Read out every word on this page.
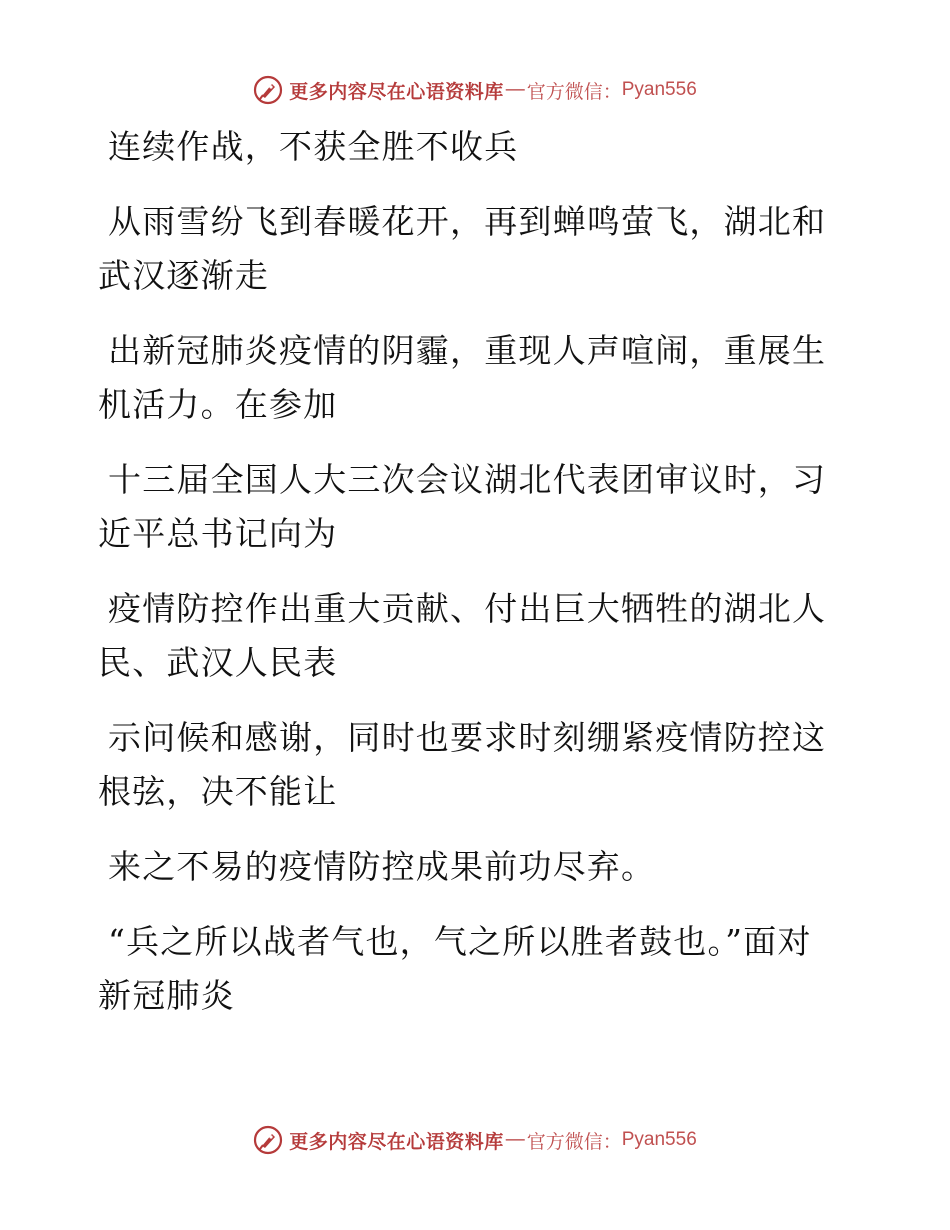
更多内容尽在心语资料库 — 官方微信： Pyan556

连续作战，不获全胜不收兵

从雨雪纷飞到春暖花开，再到蝉鸣萤飞，湖北和武汉逐渐走

出新冠肺炎疫情的阴霾，重现人声喧闹，重展生机活力。在参加

十三届全国人大三次会议湖北代表团审议时，习近平总书记向为

疫情防控作出重大贡献、付出巨大牺牲的湖北人民、武汉人民表

示问候和感谢，同时也要求时刻绷紧疫情防控这根弦，决不能让

来之不易的疫情防控成果前功尽弃。

“兵之所以战者气也，气之所以胜者鼓也。”面对新冠肺炎

更多内容尽在心语资料库 — 官方微信： Pyan556
